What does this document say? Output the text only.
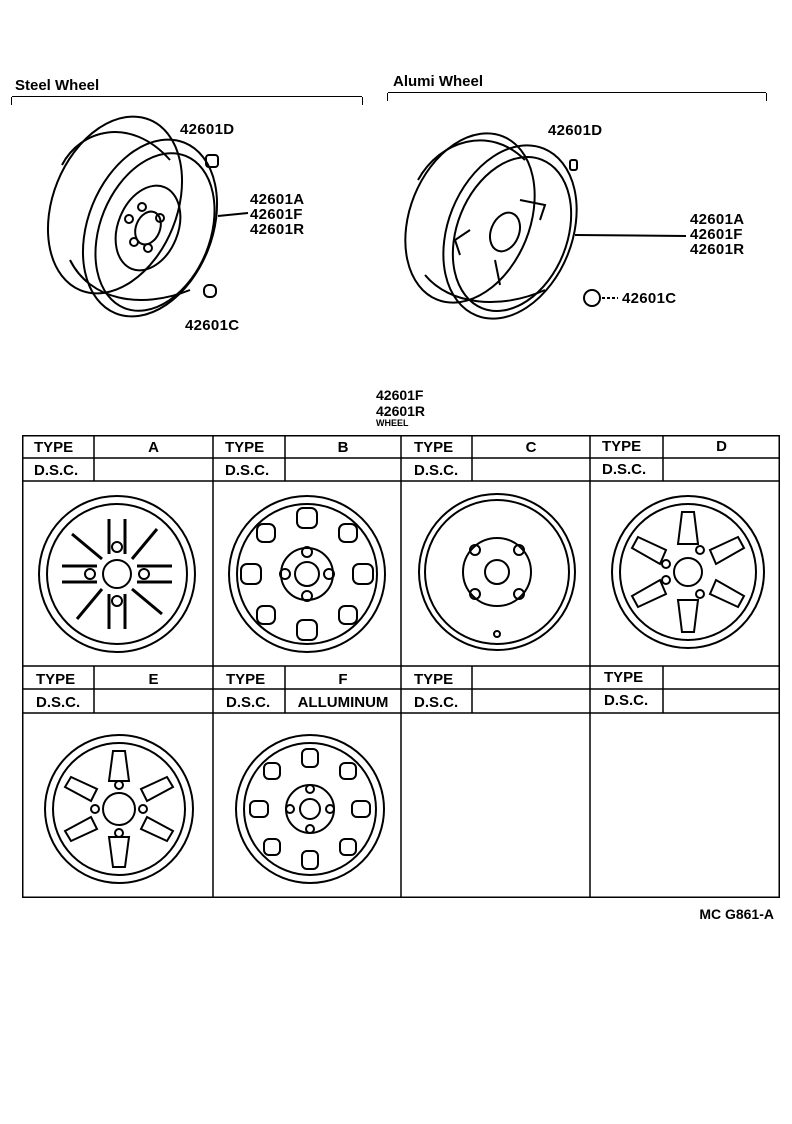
Steel Wheel	Alumi Wheel
42601D
42601A
42601F
42601R
42601C
42601D
42601A
42601F
42601R
42601C
42601F
42601R
WHEEL
TYPE	A
D.S.C.
TYPE	B
D.S.C.
TYPE	C
D.S.C.
TYPE	D
D.S.C.
TYPE	E
D.S.C.
TYPE	F
D.S.C.	ALLUMINUM
TYPE
D.S.C.
TYPE
D.S.C.
MC G861-A
